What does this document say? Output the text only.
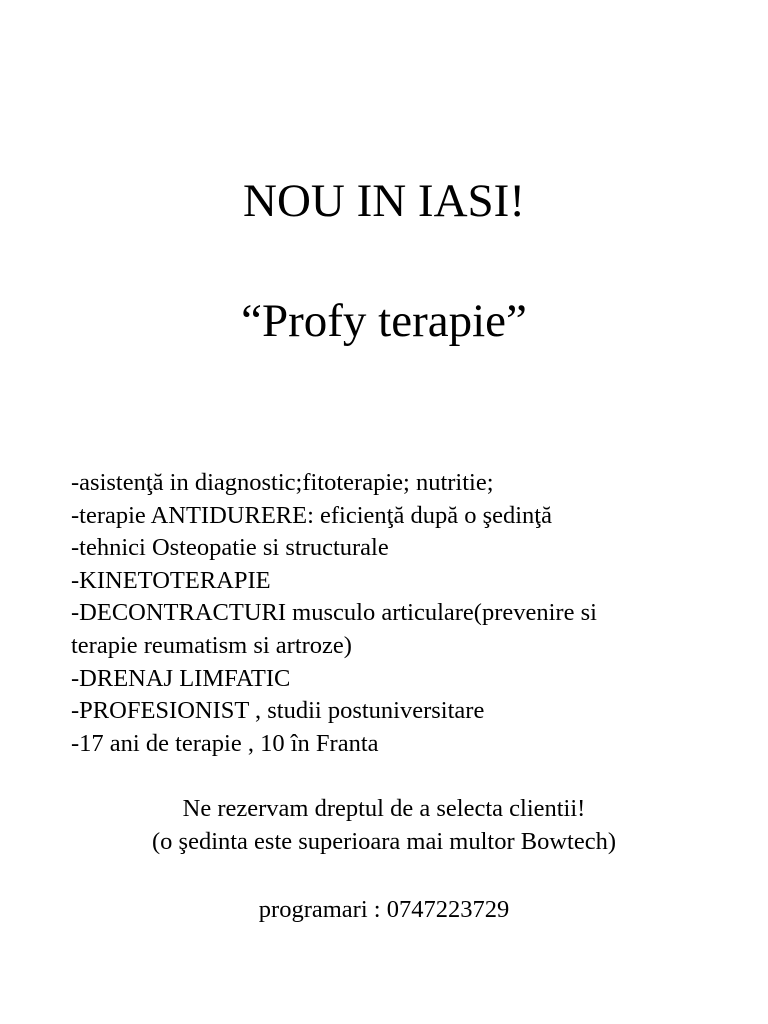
NOU IN IASI!
“Profy terapie”
-asistenţă in diagnostic;fitoterapie; nutritie;
-terapie ANTIDURERE: eficienţă după o şedinţă
-tehnici Osteopatie si structurale
-KINETOTERAPIE
-DECONTRACTURI musculo articulare(prevenire si
terapie reumatism si artroze)
-DRENAJ LIMFATIC
-PROFESIONIST , studii postuniversitare
-17 ani de terapie , 10 în Franta

Ne rezervam dreptul de a selecta clientii!

(o şedinta este superioara mai multor Bowtech)

programari : 0747223729
